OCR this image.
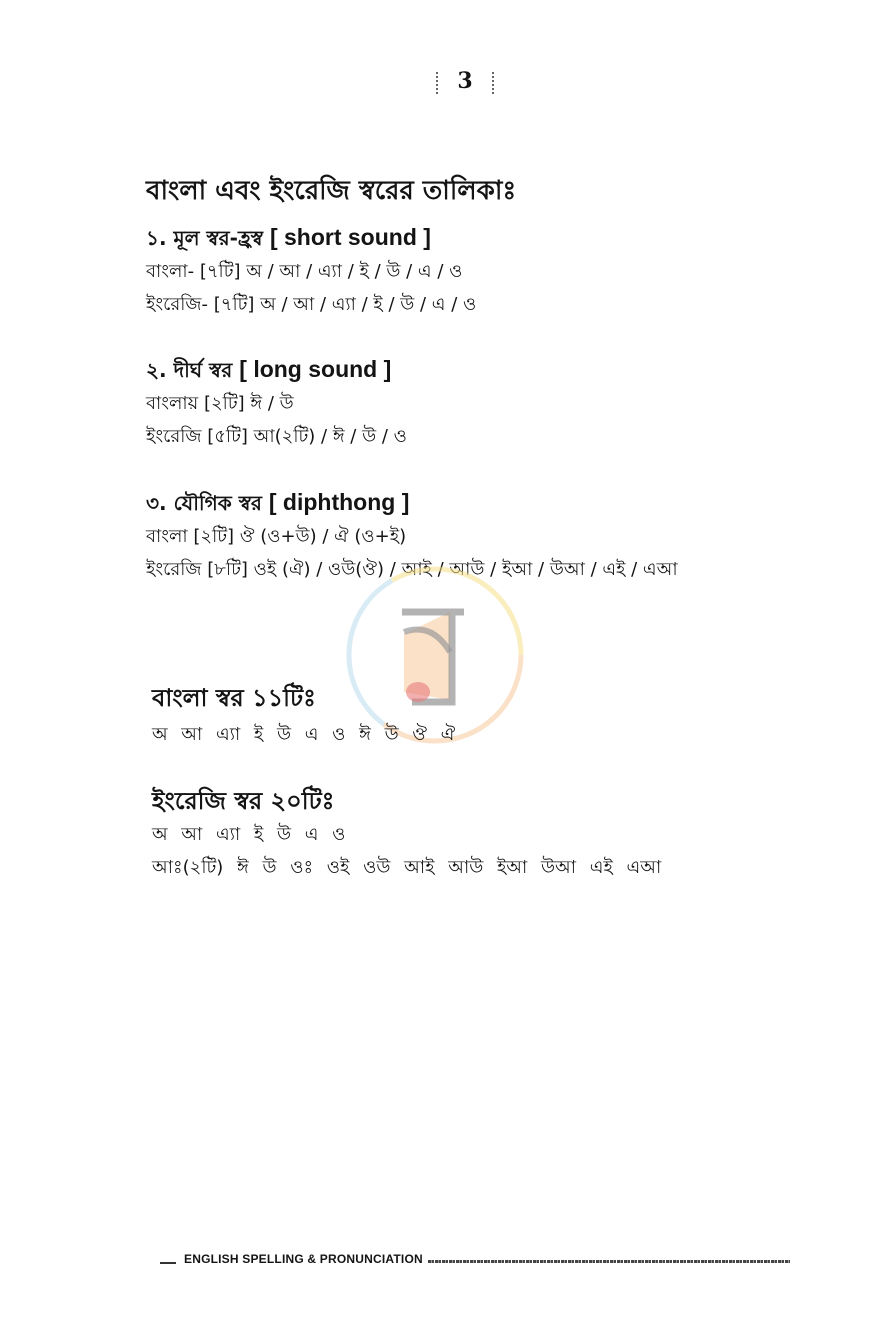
3
বাংলা এবং ইংরেজি স্বরের তালিকাঃ
১. মূল স্বর-হ্রস্ব [ short sound ]
বাংলা- [৭টি] অ / আ / এ্যা / ই / উ / এ / ও
ইংরেজি- [৭টি] অ / আ / এ্যা / ই / উ / এ / ও
২. দীর্ঘ স্বর [ long sound ]
বাংলায় [২টি] ঈ / উ
ইংরেজি [৫টি] আ(২টি) / ঈ / উ / ও
৩. যৌগিক স্বর [ diphthong ]
বাংলা [২টি] ঔ (ও+উ) / ঐ (ও+ই)
ইংরেজি [৮টি] ওই (ঐ) / ওউ(ঔ) / আই / আউ / ইআ / উআ / এই / এআ
বাংলা স্বর ১১টিঃ
অ আ এ্যা ই উ এ ও ঈ উ ঔ ঐ
ইংরেজি স্বর ২০টিঃ
অ আ এ্যা ই উ এ ও
আঃ(২টি) ঈ উ ওঃ ওই ওউ আই আউ ইআ উআ এই এআ
ENGLISH SPELLING & PRONUNCIATION
